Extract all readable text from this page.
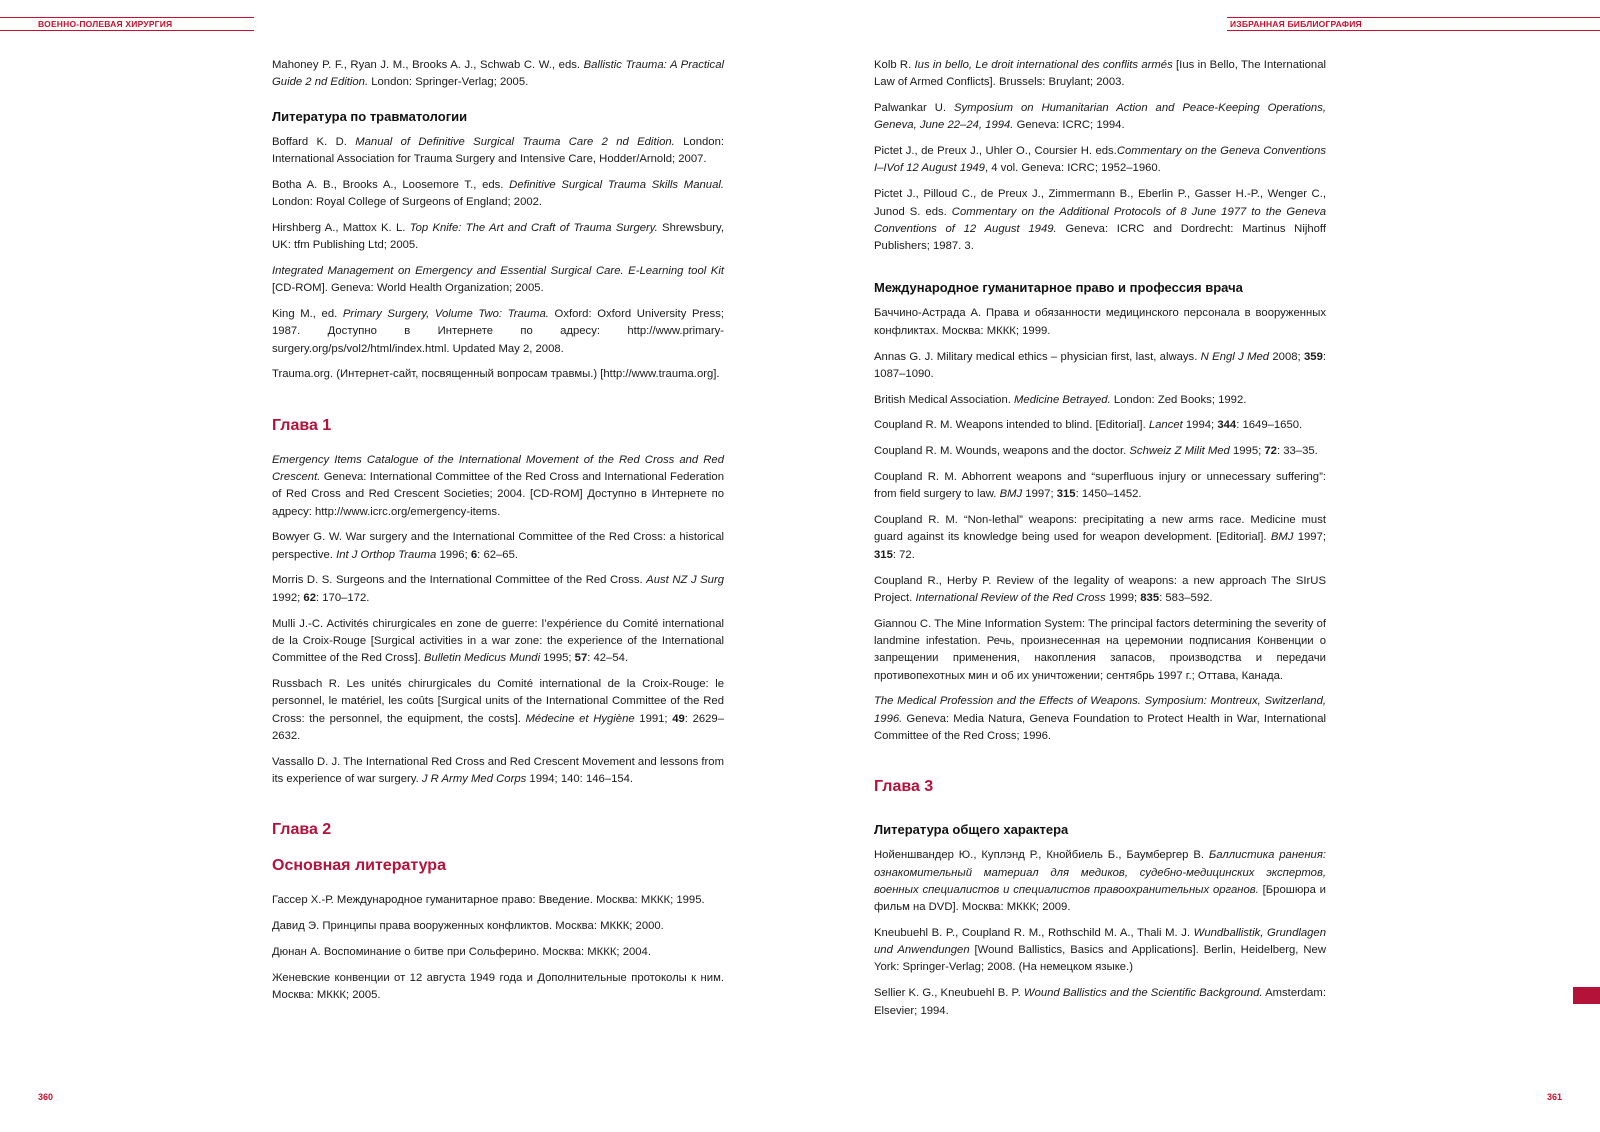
ВОЕННО-ПОЛЕВАЯ ХИРУРГИЯ	ИЗБРАННАЯ БИБЛИОГРАФИЯ

Mahoney P. F., Ryan J. M., Brooks A. J., Schwab C. W., eds. Ballistic Trauma: A Practical Guide 2 nd Edition. London: Springer-Verlag; 2005.

Литература по травматологии

Boffard K. D. Manual of Definitive Surgical Trauma Care 2 nd Edition. London: International Association for Trauma Surgery and Intensive Care, Hodder/Arnold; 2007.

Botha A. B., Brooks A., Loosemore T., eds. Definitive Surgical Trauma Skills Manual. London: Royal College of Surgeons of England; 2002.

Hirshberg A., Mattox K. L. Top Knife: The Art and Craft of Trauma Surgery. Shrewsbury, UK: tfm Publishing Ltd; 2005.

Integrated Management on Emergency and Essential Surgical Care. E-Learning tool Kit [CD-ROM]. Geneva: World Health Organization; 2005.

King M., ed. Primary Surgery, Volume Two: Trauma. Oxford: Oxford University Press; 1987. Доступно в Интернете по адресу: http://www.primary-surgery.org/ps/vol2/html/index.html. Updated May 2, 2008.

Trauma.org. (Интернет-сайт, посвященный вопросам травмы.) [http://www.trauma.org].

Глава 1

Emergency Items Catalogue of the International Movement of the Red Cross and Red Crescent. Geneva: International Committee of the Red Cross and International Federation of Red Cross and Red Crescent Societies; 2004. [CD-ROM] Доступно в Интернете по адресу: http://www.icrc.org/emergency-items.

Bowyer G. W. War surgery and the International Committee of the Red Cross: a historical perspective. Int J Orthop Trauma 1996; 6: 62–65.

Morris D. S. Surgeons and the International Committee of the Red Cross. Aust NZ J Surg 1992; 62: 170–172.

Mulli J.-C. Activités chirurgicales en zone de guerre: l’expérience du Comité international de la Croix-Rouge [Surgical activities in a war zone: the experience of the International Committee of the Red Cross]. Bulletin Medicus Mundi 1995; 57: 42–54.

Russbach R. Les unités chirurgicales du Comité international de la Croix-Rouge: le personnel, le matériel, les coûts [Surgical units of the International Committee of the Red Cross: the personnel, the equipment, the costs]. Médecine et Hygiène 1991; 49: 2629–2632.

Vassallo D. J. The International Red Cross and Red Crescent Movement and lessons from its experience of war surgery. J R Army Med Corps 1994; 140: 146–154.

Глава 2
Основная литература

Гассер Х.-Р. Международное гуманитарное право: Введение. Москва: МККК; 1995.

Давид Э. Принципы права вооруженных конфликтов. Москва: МККК; 2000.

Дюнан А. Воспоминание о битве при Сольферино. Москва: МККК; 2004.

Женевские конвенции от 12 августа 1949 года и Дополнительные протоколы к ним. Москва: МККК; 2005.

Kolb R. Ius in bello, Le droit international des conflits armés [Ius in Bello, The International Law of Armed Conflicts]. Brussels: Bruylant; 2003.

Palwankar U. Symposium on Humanitarian Action and Peace-Keeping Operations, Geneva, June 22–24, 1994. Geneva: ICRC; 1994.

Pictet J., de Preux J., Uhler O., Coursier H. eds.Commentary on the Geneva Conventions I–IVof 12 August 1949, 4 vol. Geneva: ICRC; 1952–1960.

Pictet J., Pilloud C., de Preux J., Zimmermann B., Eberlin P., Gasser H.-P., Wenger C., Junod S. eds. Commentary on the Additional Protocols of 8 June 1977 to the Geneva Conventions of 12 August 1949. Geneva: ICRC and Dordrecht: Martinus Nijhoff Publishers; 1987. 3.

Международное гуманитарное право и профессия врача

Баччино-Астрада А. Права и обязанности медицинского персонала в вооруженных конфликтах. Москва: МККК; 1999.

Annas G. J. Military medical ethics – physician first, last, always. N Engl J Med 2008; 359: 1087–1090.

British Medical Association. Medicine Betrayed. London: Zed Books; 1992.

Coupland R. M. Weapons intended to blind. [Editorial]. Lancet 1994; 344: 1649–1650.

Coupland R. M. Wounds, weapons and the doctor. Schweiz Z Milit Med 1995; 72: 33–35.

Coupland R. M. Abhorrent weapons and “superfluous injury or unnecessary suffering”: from field surgery to law. BMJ 1997; 315: 1450–1452.

Coupland R. M. “Non-lethal” weapons: precipitating a new arms race. Medicine must guard against its knowledge being used for weapon development. [Editorial]. BMJ 1997; 315: 72.

Coupland R., Herby P. Review of the legality of weapons: a new approach The SIrUS Project. International Review of the Red Cross 1999; 835: 583–592.

Giannou C. The Mine Information System: The principal factors determining the severity of landmine infestation. Речь, произнесенная на церемонии подписания Конвенции о запрещении применения, накопления запасов, производства и передачи противопехотных мин и об их уничтожении; сентябрь 1997 г.; Оттава, Канада.

The Medical Profession and the Effects of Weapons. Symposium: Montreux, Switzerland, 1996. Geneva: Media Natura, Geneva Foundation to Protect Health in War, International Committee of the Red Cross; 1996.

Глава 3
Литература общего характера

Нойеншвандер Ю., Куплэнд Р., Кнойбиель Б., Баумбергер В. Баллистика ранения: ознакомительный материал для медиков, судебно-медицинских экспертов, военных специалистов и специалистов правоохранительных органов. [Брошюра и фильм на DVD]. Москва: МККК; 2009.

Kneubuehl B. P., Coupland R. M., Rothschild M. A., Thali M. J. Wundballistik, Grundlagen und Anwendungen [Wound Ballistics, Basics and Applications]. Berlin, Heidelberg, New York: Springer-Verlag; 2008. (На немецком языке.)

Sellier K. G., Kneubuehl B. P. Wound Ballistics and the Scientific Background. Amsterdam: Elsevier; 1994.

360	361
